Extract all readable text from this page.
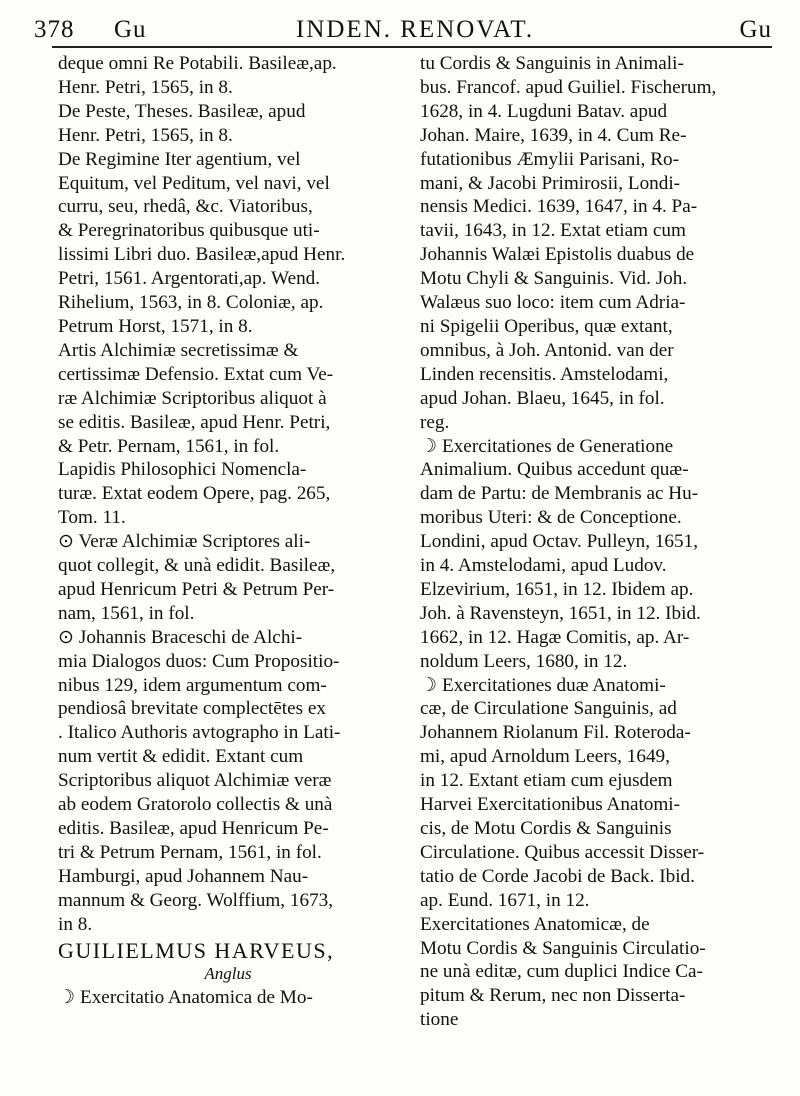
378 Gu	INDEN. RENOVAT.	Gu
deque omni Re Potabili. Basileæ,ap.
Henr. Petri, 1565, in 8.
De Peste, Theses. Basileæ, apud
Henr. Petri, 1565, in 8.
De Regimine Iter agentium, vel
Equitum, vel Peditum, vel navi, vel
curru, seu, rhedâ, &c. Viatoribus,
& Peregrinatoribus quibusque uti-
lissimi Libri duo. Basileæ,apud Henr.
Petri, 1561. Argentorati,ap. Wend.
Rihelium, 1563, in 8. Coloniæ, ap.
Petrum Horst, 1571, in 8.
Artis Alchimiæ secretissimæ &
certissimæ Defensio. Extat cum Ve-
ræ Alchimiæ Scriptoribus aliquot à
se editis. Basileæ, apud Henr. Petri,
& Petr. Pernam, 1561, in fol.
Lapidis Philosophici Nomencla-
turæ. Extat eodem Opere, pag. 265,
Tom. 11.
⊙ Veræ Alchimiæ Scriptores ali-
quot collegit, & unà edidit. Basileæ,
apud Henricum Petri & Petrum Per-
nam, 1561, in fol.
⊙ Johannis Braceschi de Alchi-
mia Dialogos duos: Cum Propositio-
nibus 129, idem argumentum com-
pendiosâ brevitate complectētes ex
. Italico Authoris avtographo in Lati-
num vertit & edidit. Extant cum
Scriptoribus aliquot Alchimiæ veræ
ab eodem Gratorolo collectis & unà
editis. Basileæ, apud Henricum Pe-
tri & Petrum Pernam, 1561, in fol.
Hamburgi, apud Johannem Nau-
mannum & Georg. Wolffium, 1673,
in 8.
GUILIELMUS HARVEUS,
Anglus
☽ Exercitatio Anatomica de Mo-
tu Cordis & Sanguinis in Animali-
bus. Francof. apud Guiliel. Fischerum,
1628, in 4. Lugduni Batav. apud
Johan. Maire, 1639, in 4. Cum Re-
futationibus Æmylii Parisani, Ro-
mani, & Jacobi Primirosii, Londi-
nensis Medici. 1639, 1647, in 4. Pa-
tavii, 1643, in 12. Extat etiam cum
Johannis Walæi Epistolis duabus de
Motu Chyli & Sanguinis. Vid. Joh.
Walæus suo loco: item cum Adria-
ni Spigelii Operibus, quæ extant,
omnibus, à Joh. Antonid. van der
Linden recensitis. Amstelodami,
apud Johan. Blaeu, 1645, in fol.
reg.
☽ Exercitationes de Generatione
Animalium. Quibus accedunt quæ-
dam de Partu: de Membranis ac Hu-
moribus Uteri: & de Conceptione.
Londini, apud Octav. Pulleyn, 1651,
in 4. Amstelodami, apud Ludov.
Elzevirium, 1651, in 12. Ibidem ap.
Joh. à Ravensteyn, 1651, in 12. Ibid.
1662, in 12. Hagæ Comitis, ap. Ar-
noldum Leers, 1680, in 12.
☽ Exercitationes duæ Anatomi-
cæ, de Circulatione Sanguinis, ad
Johannem Riolanum Fil. Roteroda-
mi, apud Arnoldum Leers, 1649,
in 12. Extant etiam cum ejusdem
Harvei Exercitationibus Anatomi-
cis, de Motu Cordis & Sanguinis
Circulatione. Quibus accessit Disser-
tatio de Corde Jacobi de Back. Ibid.
ap. Eund. 1671, in 12.
Exercitationes Anatomicæ, de
Motu Cordis & Sanguinis Circulatio-
ne unà editæ, cum duplici Indice Ca-
pitum & Rerum, nec non Disserta-
tione
